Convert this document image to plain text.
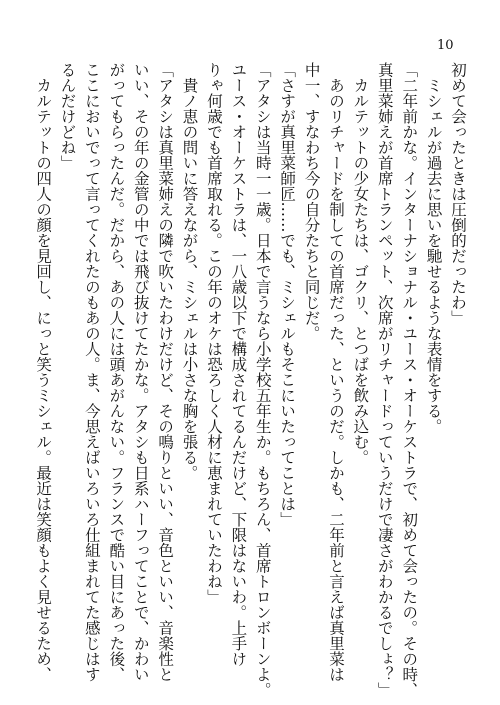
10
初めて会ったときは圧倒的だったわ」
　ミシェルが過去に思いを馳せるような表情をする。
「二年前かな。インターナショナル・ユース・オーケストラで、初めて会ったの。その時、
真里菜姉えが首席トランペット、次席がリチャードっていうだけで凄さがわかるでしょ？」
　カルテットの少女たちは、ゴクリ、とつばを飲み込む。
　あのリチャードを制しての首席だった、というのだ。しかも、二年前と言えば真里菜は
中一、すなわち今の自分たちと同じだ。
「さすが真里菜師匠……でも、ミシェルもそこにいたってことは」
「アタシは当時一一歳。日本で言うなら小学校五年生か。もちろん、首席トロンボーンよ。
ユース・オーケストラは、一八歳以下で構成されてるんだけど、下限はないわ。上手け
りゃ何歳でも首席取れる。この年のオケは恐ろしく人材に恵まれていたわね」
　貴ノ恵の問いに答えながら、ミシェルは小さな胸を張る。
「アタシは真里菜姉えの隣で吹いたわけだけど、その鳴りといい、音色といい、音楽性と
いい、その年の金管の中では飛び抜けてたかな。アタシも日系ハーフってことで、かわい
がってもらったんだ。だから、あの人には頭あがんない。フランスで酷い目にあった後、
ここにおいでって言ってくれたのもあの人。ま、今思えばいろいろ仕組まれてた感じはす
るんだけどね」
　カルテットの四人の顔を見回し、にっと笑うミシェル。最近は笑顔もよく見せるため、
